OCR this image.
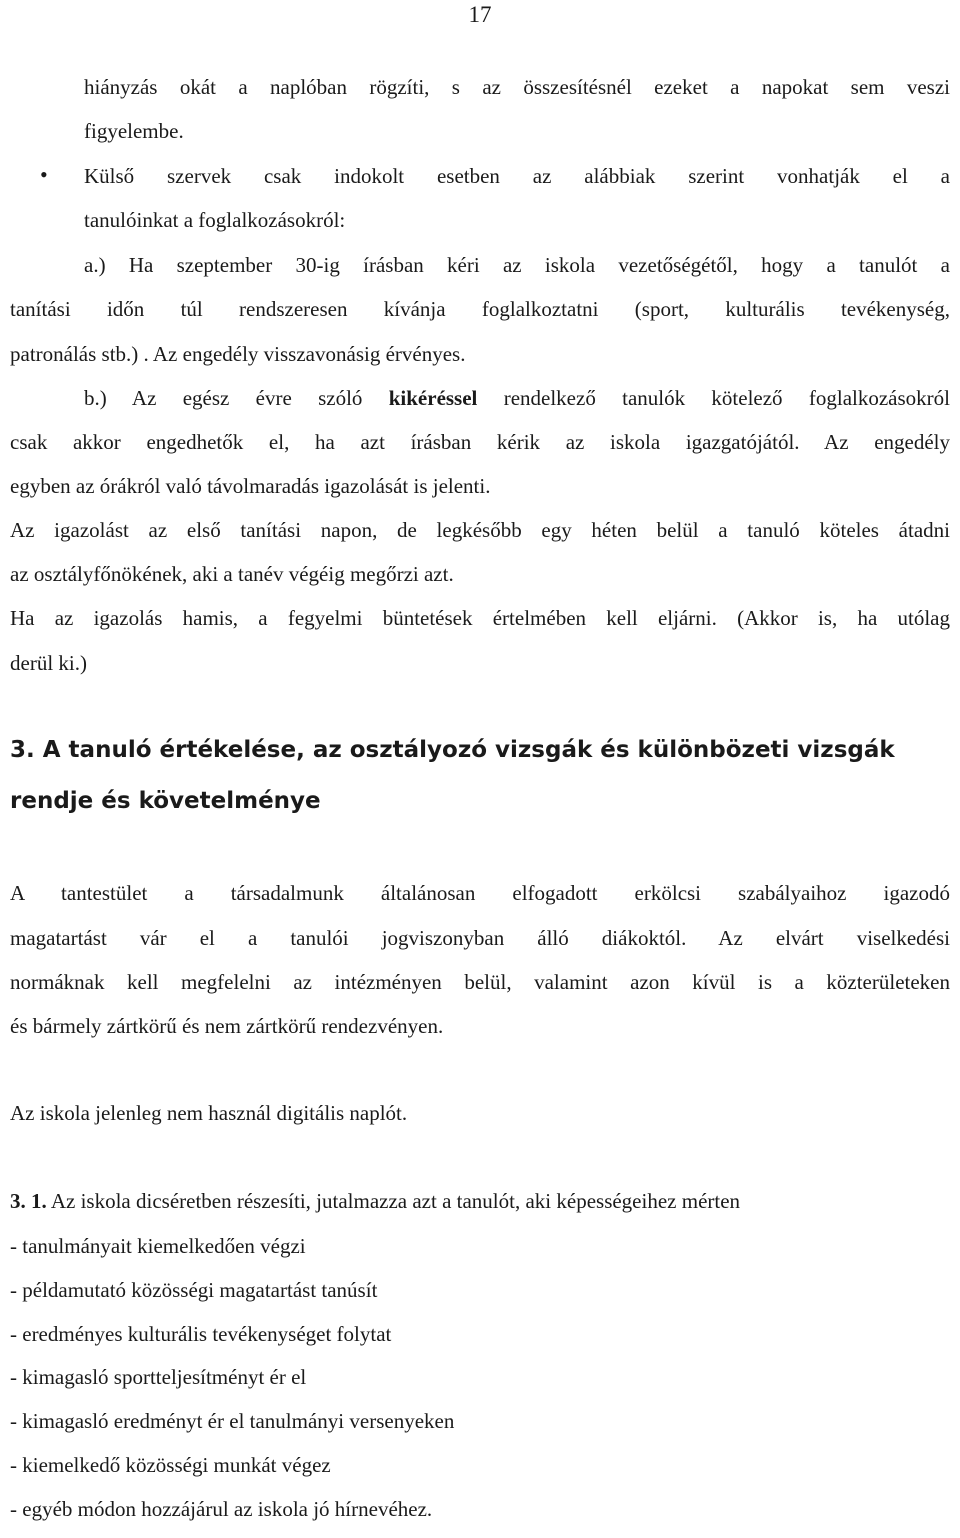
17
hiányzás okát a naplóban rögzíti, s az összesítésnél ezeket a napokat sem veszi
figyelembe.
• Külső szervek csak indokolt esetben az alábbiak szerint vonhatják el a
tanulóinkat a foglalkozásokról:
a.) Ha szeptember 30-ig írásban kéri az iskola vezetőségétől, hogy a tanulót a
tanítási időn túl rendszeresen kívánja foglalkoztatni (sport, kulturális tevékenység,
patronálás stb.) . Az engedély visszavonásig érvényes.
b.) Az egész évre szóló kikéréssel rendelkező tanulók kötelező foglalkozásokról
csak akkor engedhetők el, ha azt írásban kérik az iskola igazgatójától. Az engedély
egyben az órákról való távolmaradás igazolását is jelenti.
Az igazolást az első tanítási napon, de legkésőbb egy héten belül a tanuló köteles átadni
az osztályfőnökének, aki a tanév végéig megőrzi azt.
Ha az igazolás hamis, a fegyelmi büntetések értelmében kell eljárni. (Akkor is, ha utólag
derül ki.)
3. A tanuló értékelése, az osztályozó vizsgák és különbözeti vizsgák
rendje és követelménye
A tantestület a társadalmunk általánosan elfogadott erkölcsi szabályaihoz igazodó
magatartást vár el a tanulói jogviszonyban álló diákoktól. Az elvárt viselkedési
normáknak kell megfelelni az intézményen belül, valamint azon kívül is a közterületeken
és bármely zártkörű és nem zártkörű rendezvényen.
Az iskola jelenleg nem használ digitális naplót.
3. 1. Az iskola dicséretben részesíti, jutalmazza azt a tanulót, aki képességeihez mérten
- tanulmányait kiemelkedően végzi
- példamutató közösségi magatartást tanúsít
- eredményes kulturális tevékenységet folytat
- kimagasló sportteljesítményt ér el
- kimagasló eredményt ér el tanulmányi versenyeken
- kiemelkedő közösségi munkát végez
- egyéb módon hozzájárul az iskola jó hírnevéhez.
